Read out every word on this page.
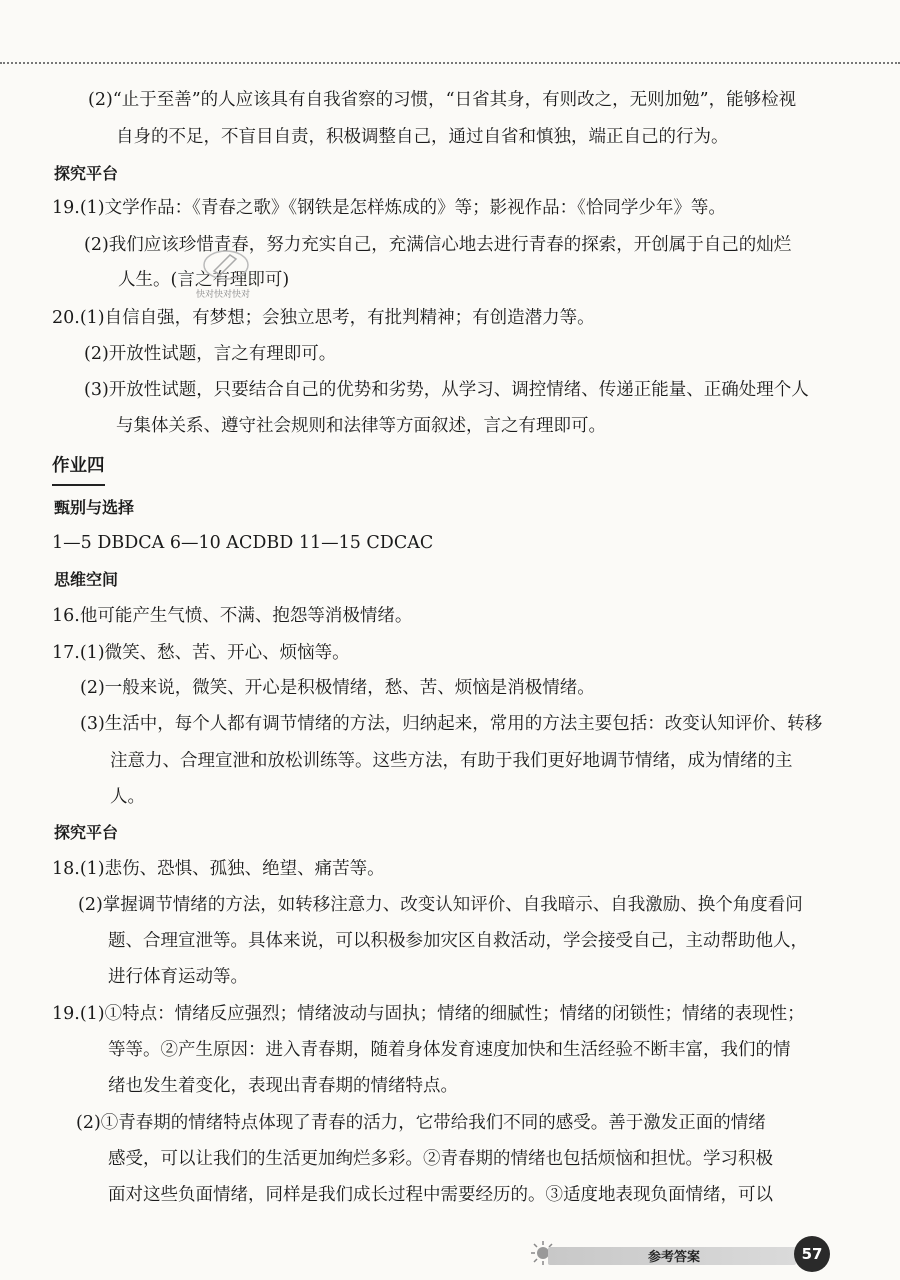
(2)“止于至善”的人应该具有自我省察的习惯，“日省其身，有则改之，无则加勉”，能够检视
自身的不足，不盲目自责，积极调整自己，通过自省和慎独，端正自己的行为。
探究平台
19.(1)文学作品：《青春之歌》《钢铁是怎样炼成的》等；影视作品：《恰同学少年》等。
(2)我们应该珍惜青春，努力充实自己，充满信心地去进行青春的探索，开创属于自己的灿烂
人生。(言之有理即可)
快对快对快对
20.(1)自信自强，有梦想；会独立思考，有批判精神；有创造潜力等。
(2)开放性试题，言之有理即可。
(3)开放性试题，只要结合自己的优势和劣势，从学习、调控情绪、传递正能量、正确处理个人
与集体关系、遵守社会规则和法律等方面叙述，言之有理即可。
作业四
甄别与选择
1—5 DBDCA 6—10 ACDBD 11—15 CDCAC
思维空间
16.他可能产生气愤、不满、抱怨等消极情绪。
17.(1)微笑、愁、苦、开心、烦恼等。
(2)一般来说，微笑、开心是积极情绪，愁、苦、烦恼是消极情绪。
(3)生活中，每个人都有调节情绪的方法，归纳起来，常用的方法主要包括：改变认知评价、转移
注意力、合理宣泄和放松训练等。这些方法，有助于我们更好地调节情绪，成为情绪的主
人。
探究平台
18.(1)悲伤、恐惧、孤独、绝望、痛苦等。
(2)掌握调节情绪的方法，如转移注意力、改变认知评价、自我暗示、自我激励、换个角度看问
题、合理宣泄等。具体来说，可以积极参加灾区自救活动，学会接受自己，主动帮助他人，
进行体育运动等。
19.(1)①特点：情绪反应强烈；情绪波动与固执；情绪的细腻性；情绪的闭锁性；情绪的表现性；
等等。②产生原因：进入青春期，随着身体发育速度加快和生活经验不断丰富，我们的情
绪也发生着变化，表现出青春期的情绪特点。
(2)①青春期的情绪特点体现了青春的活力，它带给我们不同的感受。善于激发正面的情绪
感受，可以让我们的生活更加绚烂多彩。②青春期的情绪也包括烦恼和担忧。学习积极
面对这些负面情绪，同样是我们成长过程中需要经历的。③适度地表现负面情绪，可以
参考答案	57
